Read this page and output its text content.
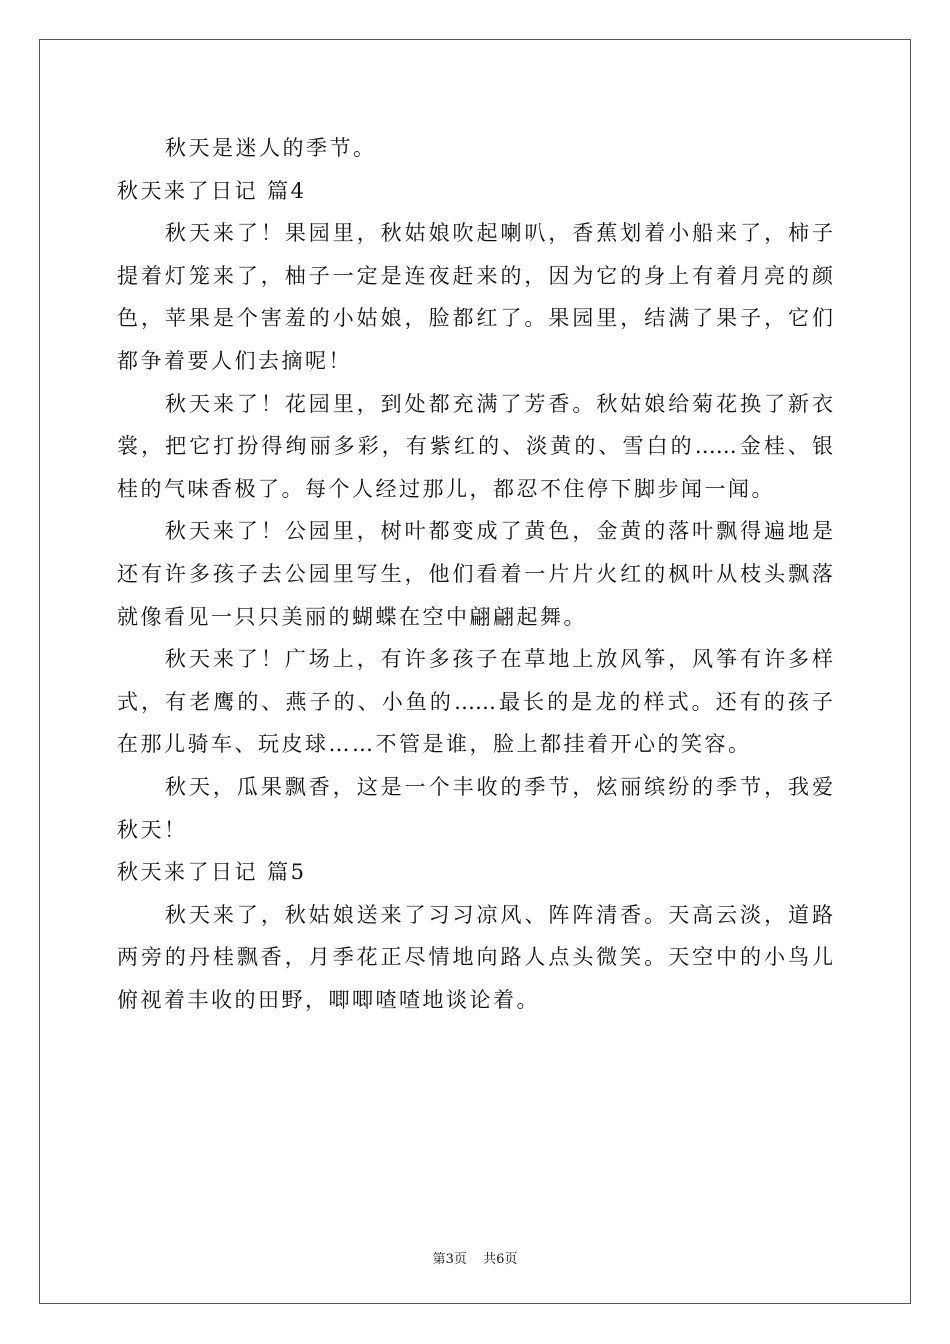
秋天是迷人的季节。
秋天来了日记 篇4
秋天来了！果园里，秋姑娘吹起喇叭，香蕉划着小船来了，柿子
提着灯笼来了，柚子一定是连夜赶来的，因为它的身上有着月亮的颜
色，苹果是个害羞的小姑娘，脸都红了。果园里，结满了果子，它们
都争着要人们去摘呢！
秋天来了！花园里，到处都充满了芳香。秋姑娘给菊花换了新衣
裳，把它打扮得绚丽多彩，有紫红的、淡黄的、雪白的……金桂、银
桂的气味香极了。每个人经过那儿，都忍不住停下脚步闻一闻。
秋天来了！公园里，树叶都变成了黄色，金黄的落叶飘得遍地是
还有许多孩子去公园里写生，他们看着一片片火红的枫叶从枝头飘落
就像看见一只只美丽的蝴蝶在空中翩翩起舞。
秋天来了！广场上，有许多孩子在草地上放风筝，风筝有许多样
式，有老鹰的、燕子的、小鱼的……最长的是龙的样式。还有的孩子
在那儿骑车、玩皮球……不管是谁，脸上都挂着开心的笑容。
秋天，瓜果飘香，这是一个丰收的季节，炫丽缤纷的季节，我爱
秋天！
秋天来了日记 篇5
秋天来了，秋姑娘送来了习习凉风、阵阵清香。天高云淡，道路
两旁的丹桂飘香，月季花正尽情地向路人点头微笑。天空中的小鸟儿
俯视着丰收的田野，唧唧喳喳地谈论着。
第3页 共6页
